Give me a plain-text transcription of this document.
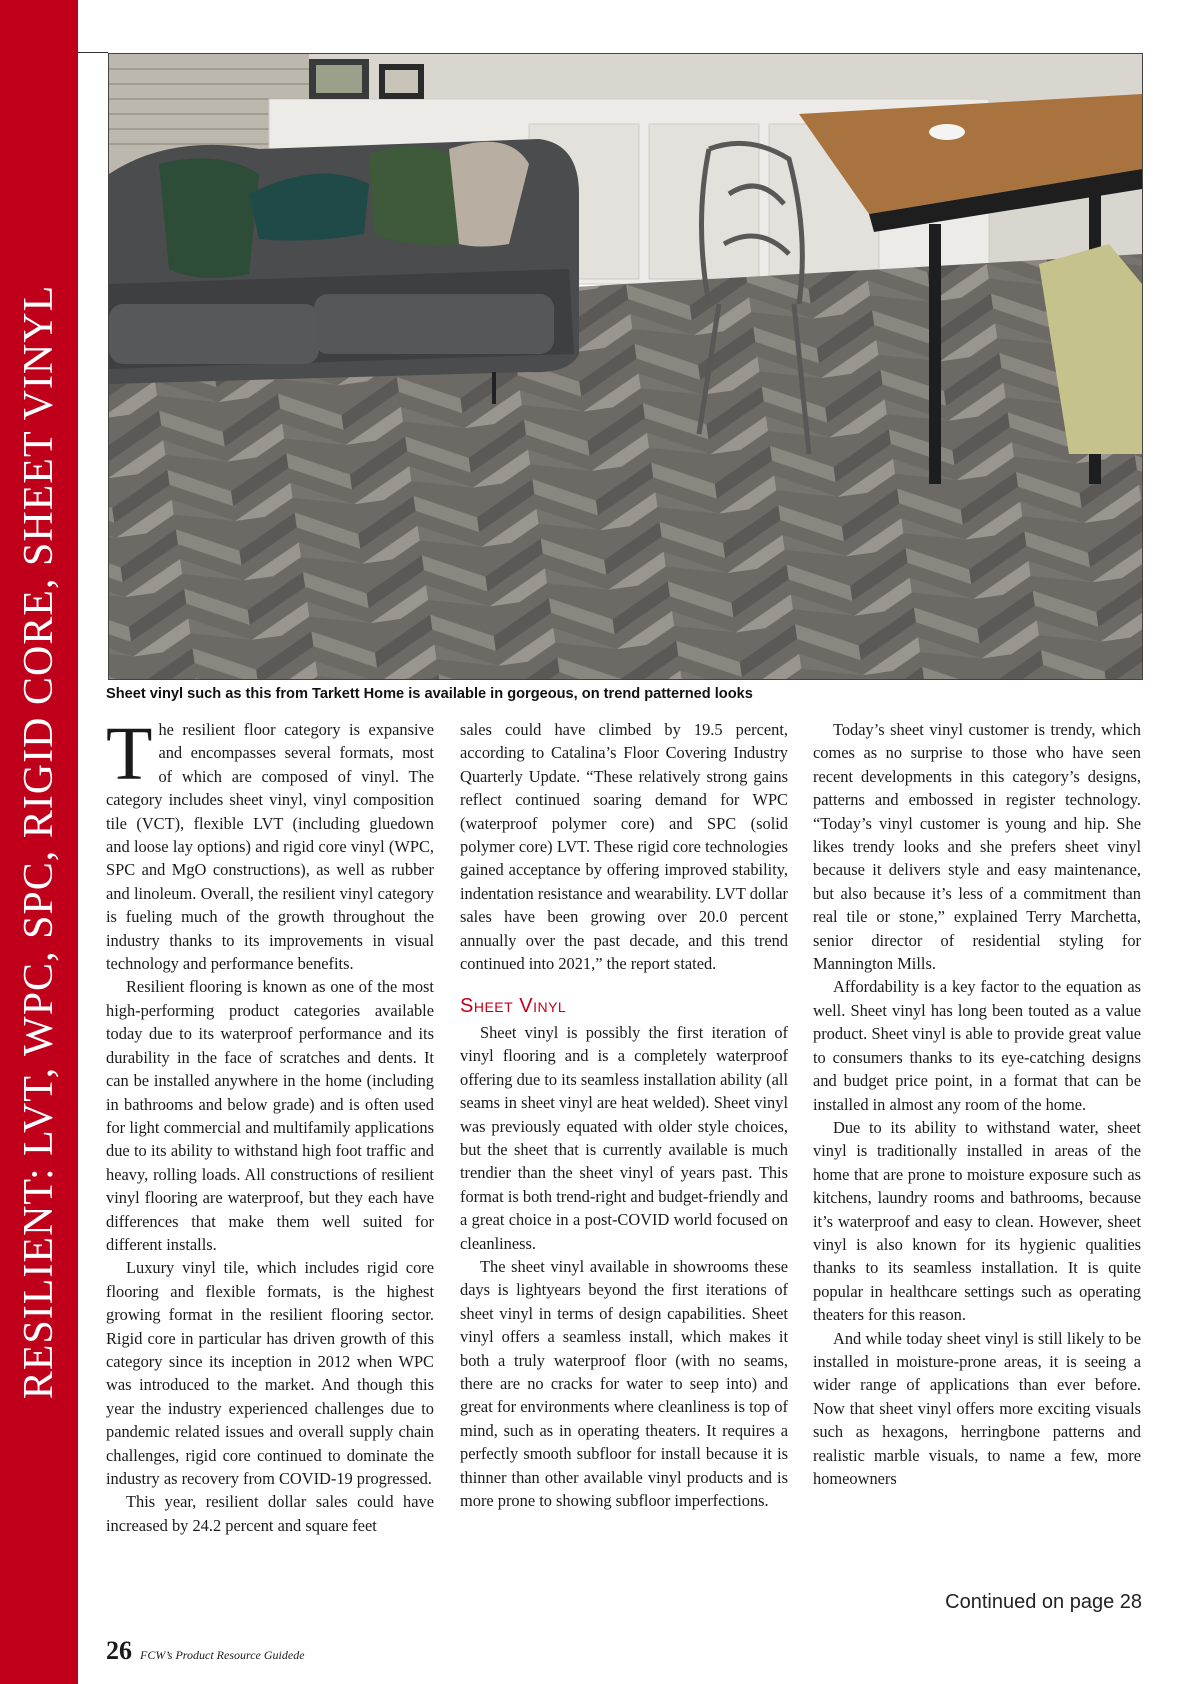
RESILIENT: LVT, WPC, SPC, RIGID CORE, SHEET VINYL	Sheet vinyl such as this from Tarkett Home is available in gorgeous, on trend patterned looks

The resilient floor category is expansive and encompasses several formats, most of which are composed of vinyl. The category includes sheet vinyl, vinyl composition tile (VCT), flexible LVT (including gluedown and loose lay options) and rigid core vinyl (WPC, SPC and MgO constructions), as well as rubber and linoleum. Overall, the resilient vinyl category is fueling much of the growth throughout the industry thanks to its improvements in visual technology and performance benefits.

Resilient flooring is known as one of the most high-performing product categories available today due to its waterproof performance and its durability in the face of scratches and dents. It can be installed anywhere in the home (including in bathrooms and below grade) and is often used for light commercial and multifamily applications due to its ability to withstand high foot traffic and heavy, rolling loads. All constructions of resilient vinyl flooring are waterproof, but they each have differences that make them well suited for different installs.

Luxury vinyl tile, which includes rigid core flooring and flexible formats, is the highest growing format in the resilient flooring sector. Rigid core in particular has driven growth of this category since its inception in 2012 when WPC was introduced to the market. And though this year the industry experienced challenges due to pandemic related issues and overall supply chain challenges, rigid core continued to dominate the industry as recovery from COVID-19 progressed.

This year, resilient dollar sales could have increased by 24.2 percent and square feet

sales could have climbed by 19.5 percent, according to Catalina’s Floor Covering Industry Quarterly Update. “These relatively strong gains reflect continued soaring demand for WPC (waterproof polymer core) and SPC (solid polymer core) LVT. These rigid core technologies gained acceptance by offering improved stability, indentation resistance and wearability. LVT dollar sales have been growing over 20.0 percent annually over the past decade, and this trend continued into 2021,” the report stated.

Sheet Vinyl

Sheet vinyl is possibly the first iteration of vinyl flooring and is a completely waterproof offering due to its seamless installation ability (all seams in sheet vinyl are heat welded). Sheet vinyl was previously equated with older style choices, but the sheet that is currently available is much trendier than the sheet vinyl of years past. This format is both trend-right and budget-friendly and a great choice in a post-COVID world focused on cleanliness.

The sheet vinyl available in showrooms these days is lightyears beyond the first iterations of sheet vinyl in terms of design capabilities. Sheet vinyl offers a seamless install, which makes it both a truly waterproof floor (with no seams, there are no cracks for water to seep into) and great for environments where cleanliness is top of mind, such as in operating theaters. It requires a perfectly smooth subfloor for install because it is thinner than other available vinyl products and is more prone to showing subfloor imperfections.

Today’s sheet vinyl customer is trendy, which comes as no surprise to those who have seen recent developments in this category’s designs, patterns and embossed in register technology. “Today’s vinyl customer is young and hip. She likes trendy looks and she prefers sheet vinyl because it delivers style and easy maintenance, but also because it’s less of a commitment than real tile or stone,” explained Terry Marchetta, senior director of residential styling for Mannington Mills.

Affordability is a key factor to the equation as well. Sheet vinyl has long been touted as a value product. Sheet vinyl is able to provide great value to consumers thanks to its eye-catching designs and budget price point, in a format that can be installed in almost any room of the home.

Due to its ability to withstand water, sheet vinyl is traditionally installed in areas of the home that are prone to moisture exposure such as kitchens, laundry rooms and bathrooms, because it’s waterproof and easy to clean. However, sheet vinyl is also known for its hygienic qualities thanks to its seamless installation. It is quite popular in healthcare settings such as operating theaters for this reason.

And while today sheet vinyl is still likely to be installed in moisture-prone areas, it is seeing a wider range of applications than ever before. Now that sheet vinyl offers more exciting visuals such as hexagons, herringbone patterns and realistic marble visuals, to name a few, more homeowners

Continued on page 28
26 FCW’s Product Resource Guidede
